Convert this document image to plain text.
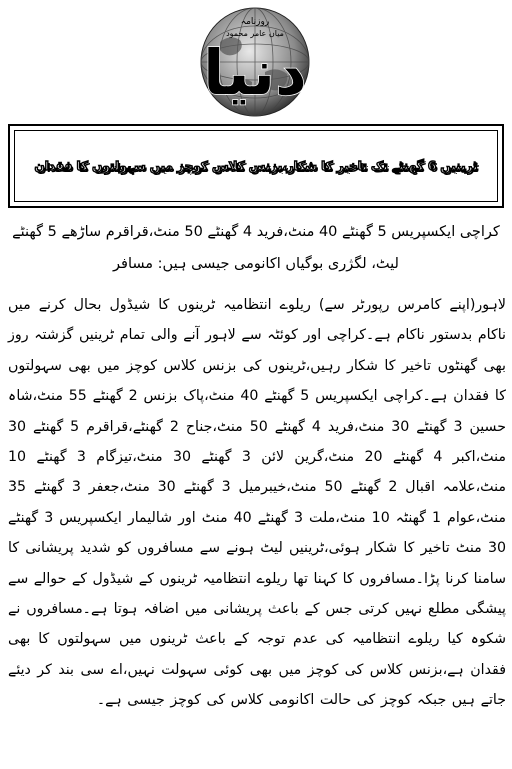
روزنامہ
میاں عامر محمود
دنیا
ٹرینیں 6 گھنٹے تک تاخیر کا شکار،بزنس کلاس کوچز میں سہولتوں کا فقدان
کراچی ایکسپریس 5 گھنٹے 40 منٹ،فرید 4 گھنٹے 50 منٹ،قراقرم ساڑھے 5 گھنٹے لیٹ، لگژری بوگیاں اکانومی جیسی ہیں: مسافر

لاہور(اپنے کامرس رپورٹر سے) ریلوے انتظامیہ ٹرینوں کا شیڈول بحال کرنے میں ناکام بدستور ناکام ہے۔کراچی اور کوئٹہ سے لاہور آنے والی تمام ٹرینیں گزشتہ روز بھی گھنٹوں تاخیر کا شکار رہیں،ٹرینوں کی بزنس کلاس کوچز میں بھی سہولتوں کا فقدان ہے۔کراچی ایکسپریس 5 گھنٹے 40 منٹ،پاک بزنس 2 گھنٹے 55 منٹ،شاہ حسین 3 گھنٹے 30 منٹ،فرید 4 گھنٹے 50 منٹ،جناح 2 گھنٹے،قراقرم 5 گھنٹے 30 منٹ،اکبر 4 گھنٹے 20 منٹ،گرین لائن 3 گھنٹے 30 منٹ،تیزگام 3 گھنٹے 10 منٹ،علامہ اقبال 2 گھنٹے 50 منٹ،خیبرمیل 3 گھنٹے 30 منٹ،جعفر 3 گھنٹے 35 منٹ،عوام 1 گھنٹہ 10 منٹ،ملت 3 گھنٹے 40 منٹ اور شالیمار ایکسپریس 3 گھنٹے 30 منٹ تاخیر کا شکار ہوئی،ٹرینیں لیٹ ہونے سے مسافروں کو شدید پریشانی کا سامنا کرنا پڑا۔مسافروں کا کہنا تھا ریلوے انتظامیہ ٹرینوں کے شیڈول کے حوالے سے پیشگی مطلع نہیں کرتی جس کے باعث پریشانی میں اضافہ ہوتا ہے۔مسافروں نے شکوہ کیا ریلوے انتظامیہ کی عدم توجہ کے باعث ٹرینوں میں سہولتوں کا بھی فقدان ہے،بزنس کلاس کی کوچز میں بھی کوئی سہولت نہیں،اے سی بند کر دیئے جاتے ہیں جبکہ کوچز کی حالت اکانومی کلاس کی کوچز جیسی ہے۔
